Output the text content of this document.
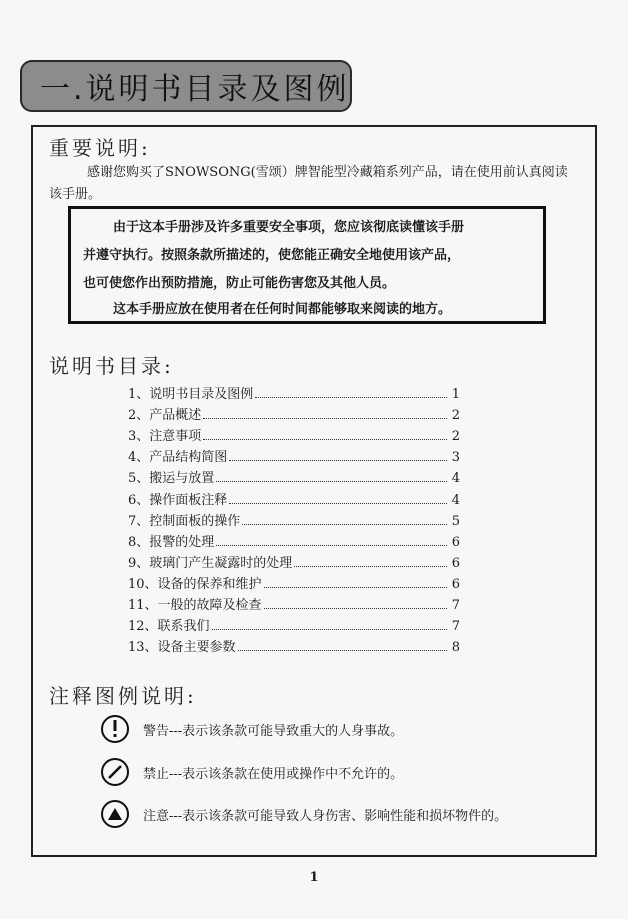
一.说明书目录及图例
重要说明:
感谢您购买了SNOWSONG(雪颂）牌智能型冷藏箱系列产品，请在使用前认真阅读该手册。
由于这本手册涉及许多重要安全事项，您应该彻底读懂该手册
并遵守执行。按照条款所描述的，使您能正确安全地使用该产品，
也可使您作出预防措施，防止可能伤害您及其他人员。
这本手册应放在使用者在任何时间都能够取来阅读的地方。
说明书目录:
1、说明书目录及图例	1
2、产品概述	2
3、注意事项	2
4、产品结构简图	3
5、搬运与放置	4
6、操作面板注释	4
7、控制面板的操作	5
8、报警的处理	6
9、玻璃门产生凝露时的处理	6
10、设备的保养和维护	6
11、一般的故障及检查	7
12、联系我们	7
13、设备主要参数	8
注释图例说明:
警告---表示该条款可能导致重大的人身事故。
禁止---表示该条款在使用或操作中不允许的。
注意---表示该条款可能导致人身伤害、影响性能和损坏物件的。
1
